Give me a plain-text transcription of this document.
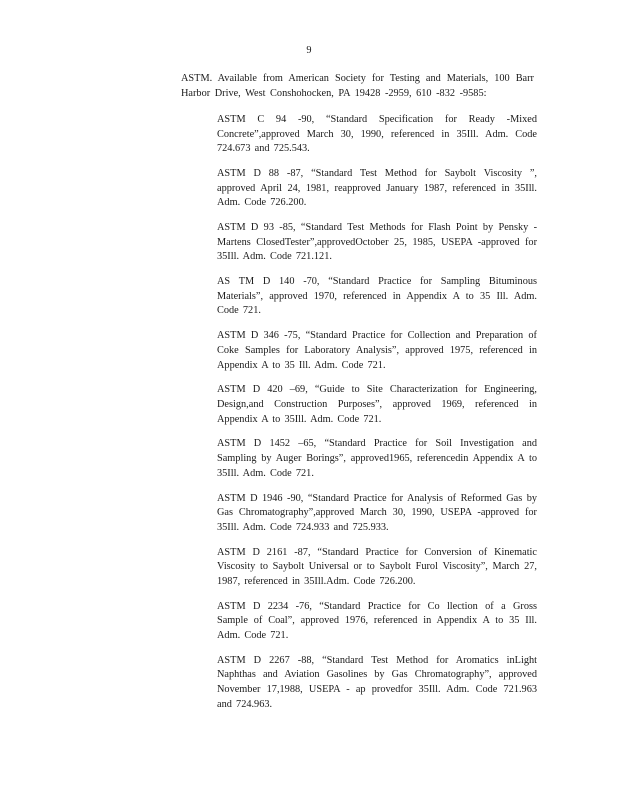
9

ASTM. Available from American Society for Testing and Materials, 100 Barr Harbor Drive, West Conshohocken, PA 19428 -2959, 610 -832 -9585:

ASTM C 94 -90, “Standard Specification for Ready -Mixed Concrete”,approved March 30, 1990, referenced in 35Ill. Adm. Code 724.673 and 725.543.

ASTM D 88 -87, “Standard Test Method for Saybolt Viscosity ”, approved April 24, 1981, reapproved January 1987, referenced in 35Ill. Adm. Code 726.200.

ASTM D 93 -85, “Standard Test Methods for Flash Point by Pensky -Martens ClosedTester”,approvedOctober 25, 1985, USEPA -approved for 35Ill. Adm. Code 721.121.

AS TM D 140 -70, “Standard Practice for Sampling Bituminous Materials”, approved 1970, referenced in Appendix A to 35 Ill. Adm. Code 721.

ASTM D 346 -75, “Standard Practice for Collection and Preparation of Coke Samples for Laboratory Analysis”, approved 1975, referenced in Appendix A to 35 Ill. Adm. Code 721.

ASTM D 420 –69, “Guide to Site Characterization for Engineering, Design,and Construction Purposes”, approved 1969, referenced in Appendix A to 35Ill. Adm. Code 721.

ASTM D 1452 –65, “Standard Practice for Soil Investigation and Sampling by Auger Borings”, approved1965, referencedin Appendix A to 35Ill. Adm. Code 721.

ASTM D 1946 -90, “Standard Practice for Analysis of Reformed Gas by Gas Chromatography”,approved March 30, 1990, USEPA -approved for 35Ill. Adm. Code 724.933 and 725.933.

ASTM D 2161 -87, “Standard Practice for Conversion of Kinematic Viscosity to Saybolt Universal or to Saybolt Furol Viscosity”, March 27, 1987, referenced in 35Ill.Adm. Code 726.200.

ASTM D 2234 -76, “Standard Practice for Co llection of a Gross Sample of Coal”, approved 1976, referenced in Appendix A to 35 Ill. Adm. Code 721.

ASTM D 2267 -88, “Standard Test Method for Aromatics inLight Naphthas and Aviation Gasolines by Gas Chromatography”, approved November 17,1988, USEPA - ap provedfor 35Ill. Adm. Code 721.963 and 724.963.
